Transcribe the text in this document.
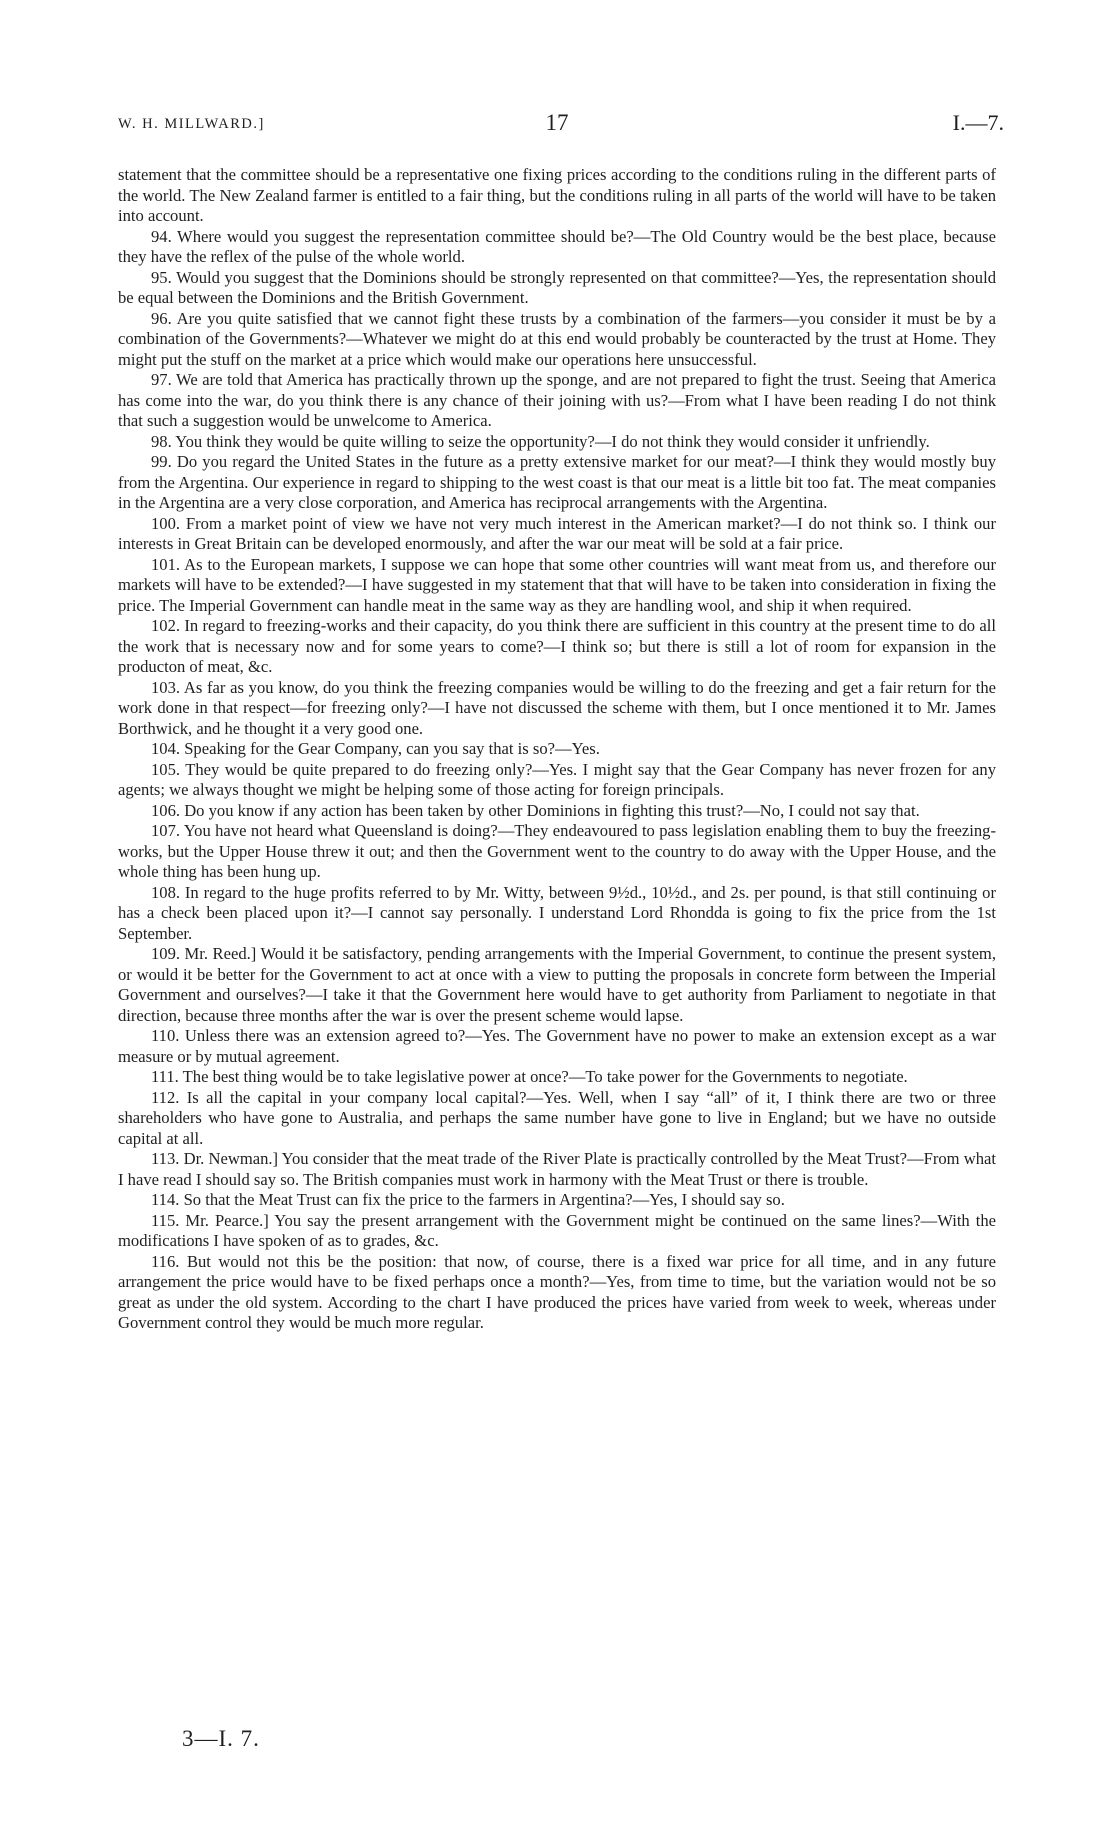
W. H. MILLWARD.]	17	I.—7.

statement that the committee should be a representative one fixing prices according to the conditions ruling in the different parts of the world. The New Zealand farmer is entitled to a fair thing, but the conditions ruling in all parts of the world will have to be taken into account.

94. Where would you suggest the representation committee should be?—The Old Country would be the best place, because they have the reflex of the pulse of the whole world.

95. Would you suggest that the Dominions should be strongly represented on that committee?—Yes, the representation should be equal between the Dominions and the British Government.

96. Are you quite satisfied that we cannot fight these trusts by a combination of the farmers—you consider it must be by a combination of the Governments?—Whatever we might do at this end would probably be counteracted by the trust at Home. They might put the stuff on the market at a price which would make our operations here unsuccessful.

97. We are told that America has practically thrown up the sponge, and are not prepared to fight the trust. Seeing that America has come into the war, do you think there is any chance of their joining with us?—From what I have been reading I do not think that such a suggestion would be unwelcome to America.

98. You think they would be quite willing to seize the opportunity?—I do not think they would consider it unfriendly.

99. Do you regard the United States in the future as a pretty extensive market for our meat?—I think they would mostly buy from the Argentina. Our experience in regard to shipping to the west coast is that our meat is a little bit too fat. The meat companies in the Argentina are a very close corporation, and America has reciprocal arrangements with the Argentina.

100. From a market point of view we have not very much interest in the American market?—I do not think so. I think our interests in Great Britain can be developed enormously, and after the war our meat will be sold at a fair price.

101. As to the European markets, I suppose we can hope that some other countries will want meat from us, and therefore our markets will have to be extended?—I have suggested in my statement that that will have to be taken into consideration in fixing the price. The Imperial Government can handle meat in the same way as they are handling wool, and ship it when required.

102. In regard to freezing-works and their capacity, do you think there are sufficient in this country at the present time to do all the work that is necessary now and for some years to come?—I think so; but there is still a lot of room for expansion in the producton of meat, &c.

103. As far as you know, do you think the freezing companies would be willing to do the freezing and get a fair return for the work done in that respect—for freezing only?—I have not discussed the scheme with them, but I once mentioned it to Mr. James Borthwick, and he thought it a very good one.

104. Speaking for the Gear Company, can you say that is so?—Yes.

105. They would be quite prepared to do freezing only?—Yes. I might say that the Gear Company has never frozen for any agents; we always thought we might be helping some of those acting for foreign principals.

106. Do you know if any action has been taken by other Dominions in fighting this trust?—No, I could not say that.

107. You have not heard what Queensland is doing?—They endeavoured to pass legislation enabling them to buy the freezing-works, but the Upper House threw it out; and then the Government went to the country to do away with the Upper House, and the whole thing has been hung up.

108. In regard to the huge profits referred to by Mr. Witty, between 9½d., 10½d., and 2s. per pound, is that still continuing or has a check been placed upon it?—I cannot say personally. I understand Lord Rhondda is going to fix the price from the 1st September.

109. Mr. Reed.] Would it be satisfactory, pending arrangements with the Imperial Government, to continue the present system, or would it be better for the Government to act at once with a view to putting the proposals in concrete form between the Imperial Government and ourselves?—I take it that the Government here would have to get authority from Parliament to negotiate in that direction, because three months after the war is over the present scheme would lapse.

110. Unless there was an extension agreed to?—Yes. The Government have no power to make an extension except as a war measure or by mutual agreement.

111. The best thing would be to take legislative power at once?—To take power for the Governments to negotiate.

112. Is all the capital in your company local capital?—Yes. Well, when I say “all” of it, I think there are two or three shareholders who have gone to Australia, and perhaps the same number have gone to live in England; but we have no outside capital at all.

113. Dr. Newman.] You consider that the meat trade of the River Plate is practically controlled by the Meat Trust?—From what I have read I should say so. The British companies must work in harmony with the Meat Trust or there is trouble.

114. So that the Meat Trust can fix the price to the farmers in Argentina?—Yes, I should say so.

115. Mr. Pearce.] You say the present arrangement with the Government might be continued on the same lines?—With the modifications I have spoken of as to grades, &c.

116. But would not this be the position: that now, of course, there is a fixed war price for all time, and in any future arrangement the price would have to be fixed perhaps once a month?—Yes, from time to time, but the variation would not be so great as under the old system. According to the chart I have produced the prices have varied from week to week, whereas under Government control they would be much more regular.

3—I. 7.
